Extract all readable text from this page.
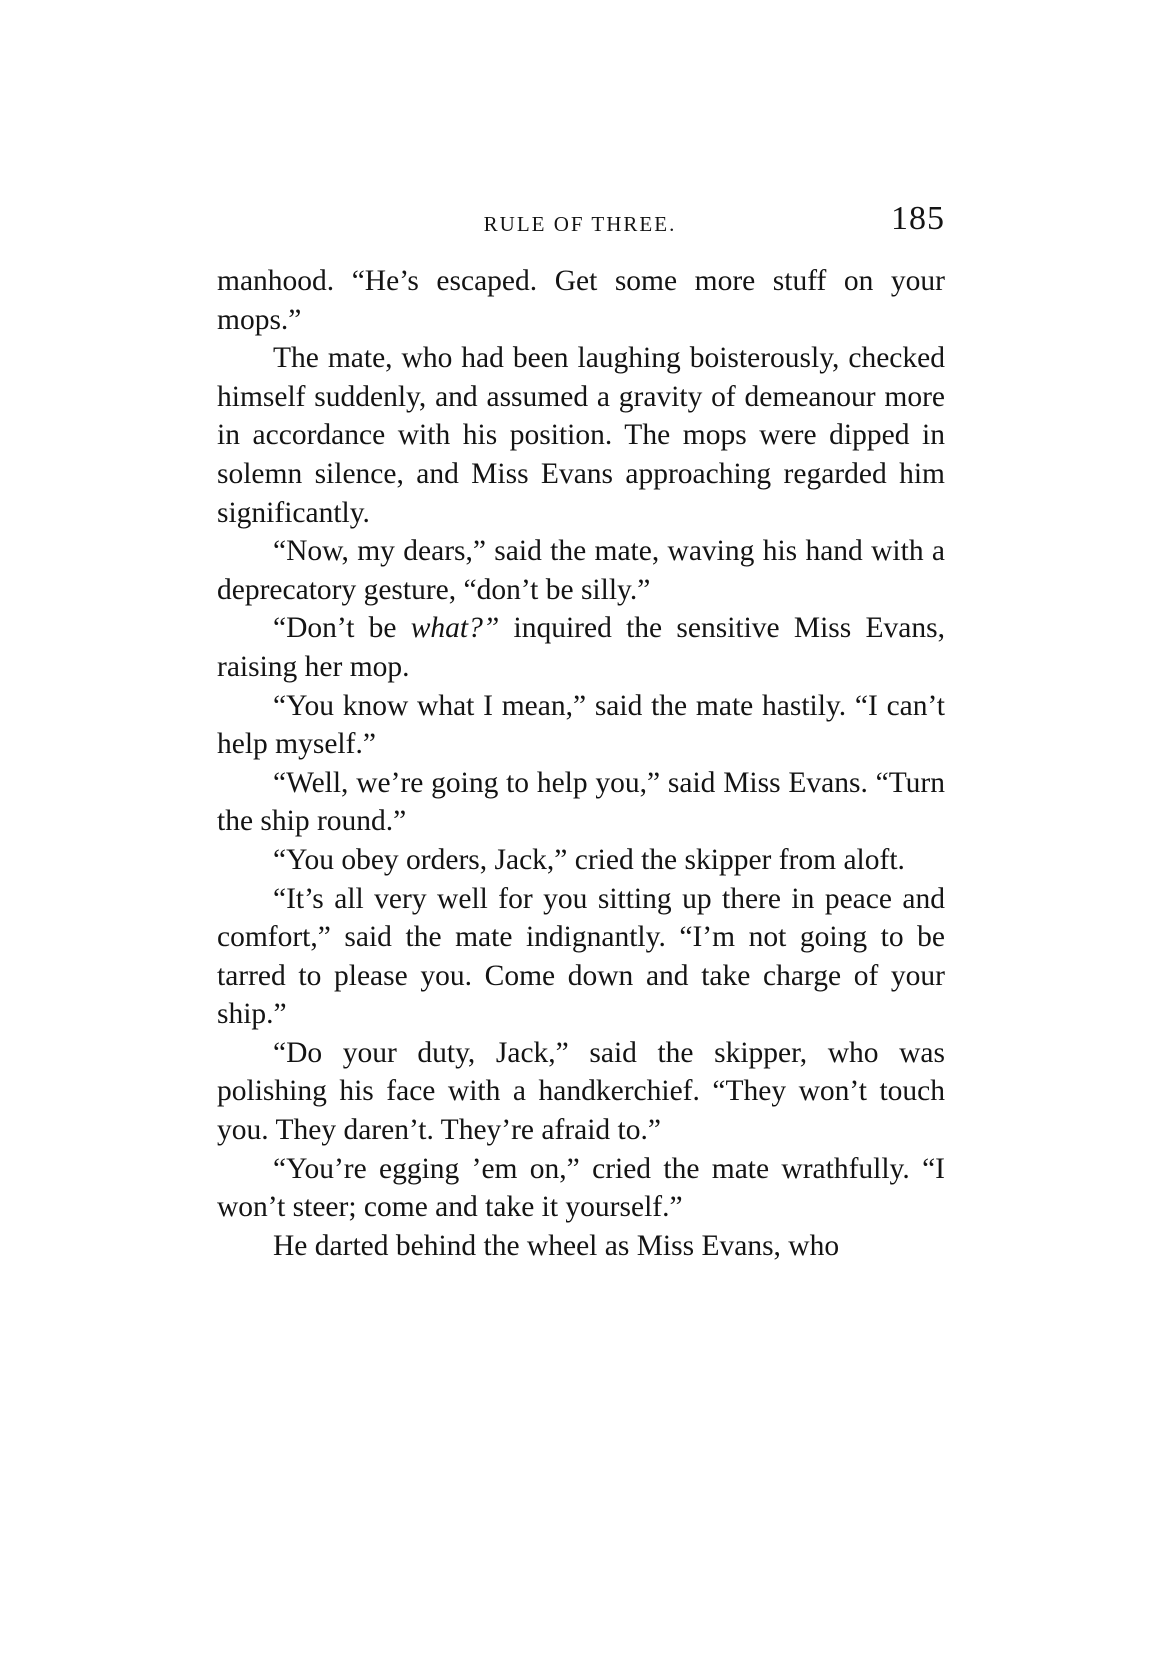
RULE OF THREE.	185

manhood. “He’s escaped. Get some more stuff on your mops.”

The mate, who had been laughing boisterously, checked himself suddenly, and assumed a gravity of demeanour more in accordance with his position. The mops were dipped in solemn silence, and Miss Evans approaching regarded him significantly.

“Now, my dears,” said the mate, waving his hand with a deprecatory gesture, “don’t be silly.”

“Don’t be what?” inquired the sensitive Miss Evans, raising her mop.

“You know what I mean,” said the mate hastily. “I can’t help myself.”

“Well, we’re going to help you,” said Miss Evans. “Turn the ship round.”

“You obey orders, Jack,” cried the skipper from aloft.

“It’s all very well for you sitting up there in peace and comfort,” said the mate indignantly. “I’m not going to be tarred to please you. Come down and take charge of your ship.”

“Do your duty, Jack,” said the skipper, who was polishing his face with a handkerchief. “They won’t touch you. They daren’t. They’re afraid to.”

“You’re egging ’em on,” cried the mate wrathfully. “I won’t steer; come and take it yourself.”

He darted behind the wheel as Miss Evans, who
